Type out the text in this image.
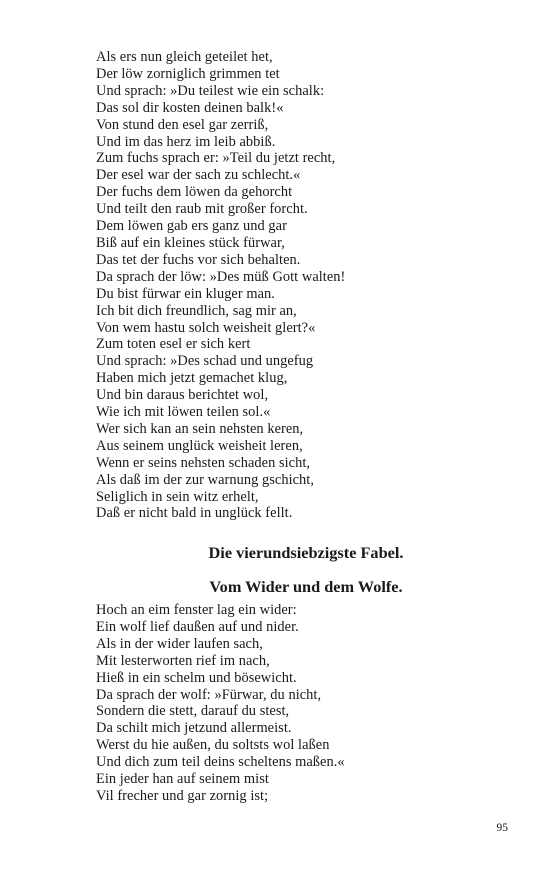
Als ers nun gleich geteilet het,
Der löw zorniglich grimmen tet
Und sprach: »Du teilest wie ein schalk:
Das sol dir kosten deinen balk!«
Von stund den esel gar zerriß,
Und im das herz im leib abbiß.
Zum fuchs sprach er: »Teil du jetzt recht,
Der esel war der sach zu schlecht.«
Der fuchs dem löwen da gehorcht
Und teilt den raub mit großer forcht.
Dem löwen gab ers ganz und gar
Biß auf ein kleines stück fürwar,
Das tet der fuchs vor sich behalten.
Da sprach der löw: »Des müß Gott walten!
Du bist fürwar ein kluger man.
Ich bit dich freundlich, sag mir an,
Von wem hastu solch weisheit glert?«
Zum toten esel er sich kert
Und sprach: »Des schad und ungefug
Haben mich jetzt gemachet klug,
Und bin daraus berichtet wol,
Wie ich mit löwen teilen sol.«
Wer sich kan an sein nehsten keren,
Aus seinem unglück weisheit leren,
Wenn er seins nehsten schaden sicht,
Als daß im der zur warnung gschicht,
Seliglich in sein witz erhelt,
Daß er nicht bald in unglück fellt.
Die vierundsiebzigste Fabel.
Vom Wider und dem Wolfe.
Hoch an eim fenster lag ein wider:
Ein wolf lief daußen auf und nider.
Als in der wider laufen sach,
Mit lesterworten rief im nach,
Hieß in ein schelm und bösewicht.
Da sprach der wolf: »Fürwar, du nicht,
Sondern die stett, darauf du stest,
Da schilt mich jetzund allermeist.
Werst du hie außen, du soltsts wol laßen
Und dich zum teil deins scheltens maßen.«
Ein jeder han auf seinem mist
Vil frecher und gar zornig ist;
95
